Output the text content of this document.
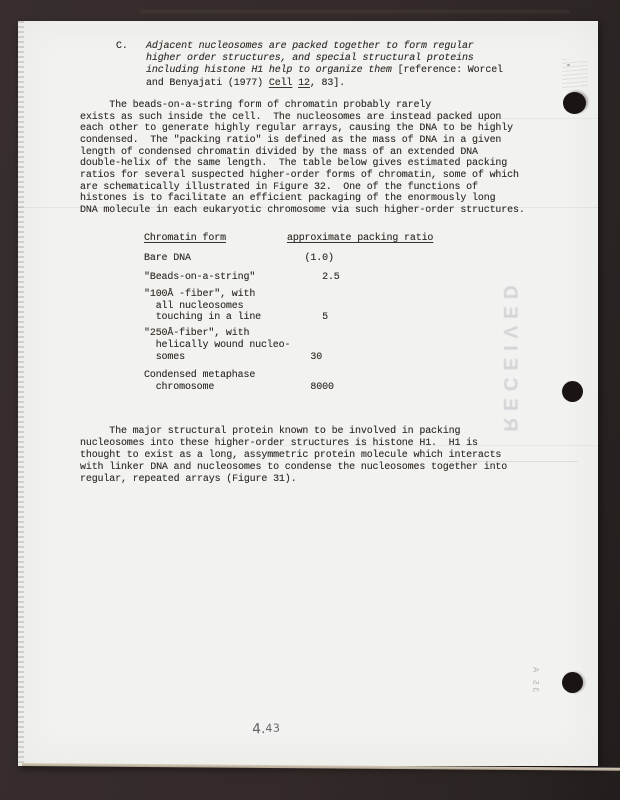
C.	Adjacent nucleosomes are packed together to form regular
higher order structures, and special structural proteins
including histone H1 help to organize them [reference: Worcel
and Benyajati (1977) Cell 12, 83].
The beads-on-a-string form of chromatin probably rarely
exists as such inside the cell.  The nucleosomes are instead packed upon
each other to generate highly regular arrays, causing the DNA to be highly
condensed.  The "packing ratio" is defined as the mass of DNA in a given
length of condensed chromatin divided by the mass of an extended DNA
double-helix of the same length.  The table below gives estimated packing
ratios for several suspected higher-order forms of chromatin, some of which
are schematically illustrated in Figure 32.  One of the functions of
histones is to facilitate an efficient packaging of the enormously long
DNA molecule in each eukaryotic chromosome via such higher-order structures.
Chromatin form	approximate packing ratio
Bare DNA	(1.0)
"Beads-on-a-string"	2.5
"100Å -fiber", with
all nucleosomes
touching in a line	5
"250Å-fiber", with
helically wound nucleo-
somes	30
Condensed metaphase
chromosome	8000
The major structural protein known to be involved in packing
nucleosomes into these higher-order structures is histone H1.  H1 is
thought to exist as a long, assymmetric protein molecule which interacts
with linker DNA and nucleosomes to condense the nucleosomes together into
regular, repeated arrays (Figure 31).
4.43
RECEIVED
35 A
